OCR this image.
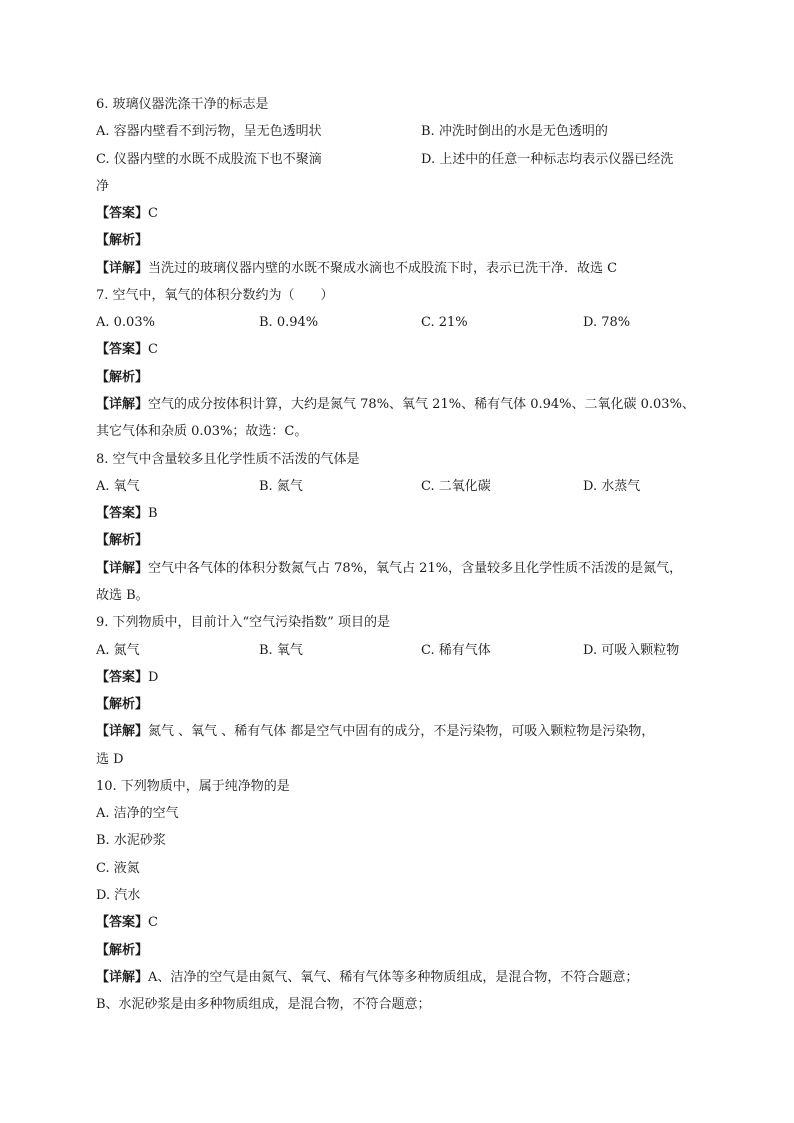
6. 玻璃仪器洗涤干净的标志是
A. 容器内壁看不到污物，呈无色透明状	B. 冲洗时倒出的水是无色透明的
C. 仪器内壁的水既不成股流下也不聚滴	D. 上述中的任意一种标志均表示仪器已经洗
净
【答案】C
【解析】
【详解】当洗过的玻璃仪器内壁的水既不聚成水滴也不成股流下时，表示已洗干净．故选 C
7. 空气中，氧气的体积分数约为（　　）
A. 0.03%	B. 0.94%	C. 21%	D. 78%
【答案】C
【解析】
【详解】空气的成分按体积计算，大约是氮气 78%、氧气 21%、稀有气体 0.94%、二氧化碳 0.03%、
其它气体和杂质 0.03%；故选：C。
8. 空气中含量较多且化学性质不活泼的气体是
A. 氧气	B. 氮气	C. 二氧化碳	D. 水蒸气
【答案】B
【解析】
【详解】空气中各气体的体积分数氮气占 78%，氧气占 21%，含量较多且化学性质不活泼的是氮气，
故选 B。
9. 下列物质中，目前计入“空气污染指数” 项目的是
A. 氮气	B. 氧气	C. 稀有气体	D. 可吸入颗粒物
【答案】D
【解析】
【详解】氮气 、氧气 、稀有气体 都是空气中固有的成分，不是污染物，可吸入颗粒物是污染物，
选 D
10. 下列物质中，属于纯净物的是
A. 洁净的空气
B. 水泥砂浆
C. 液氮
D. 汽水
【答案】C
【解析】
【详解】A、洁净的空气是由氮气、氧气、稀有气体等多种物质组成，是混合物，不符合题意；
B、水泥砂浆是由多种物质组成，是混合物，不符合题意；
